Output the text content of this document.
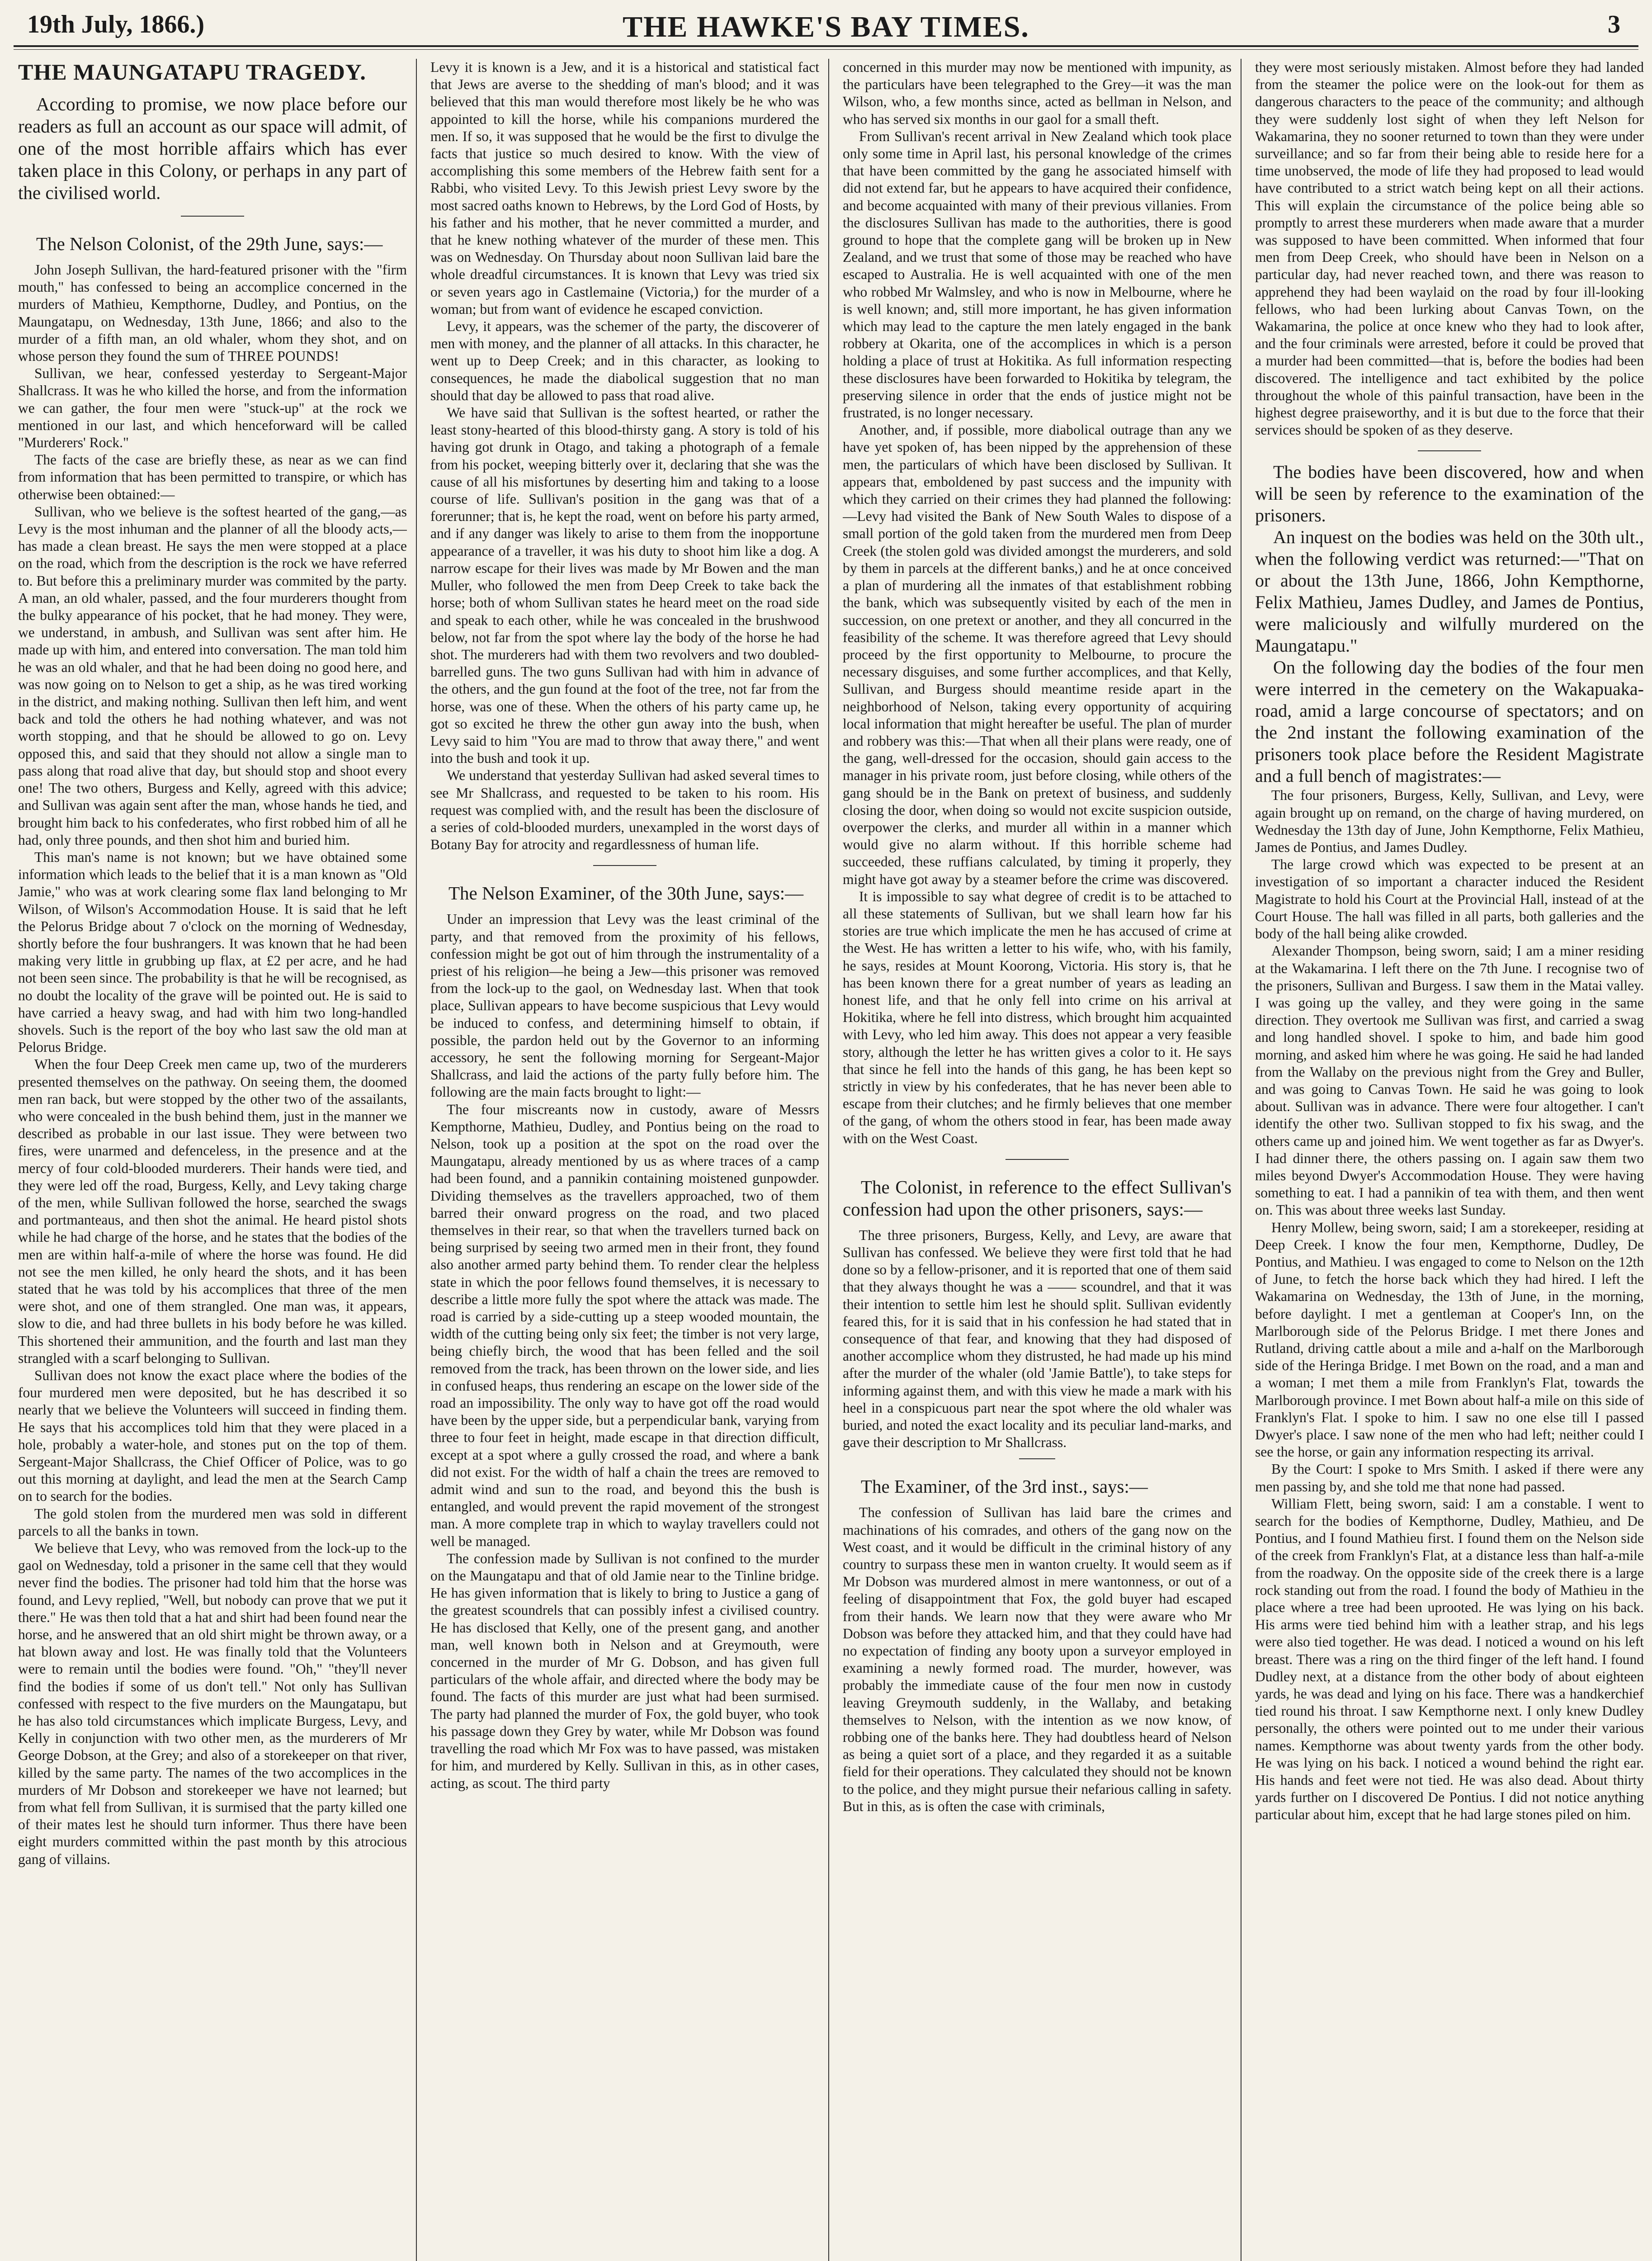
19th July, 1866.)	THE HAWKE'S BAY TIMES.	3
THE MAUNGATAPU TRAGEDY.

According to promise, we now place before our readers as full an account as our space will admit, of one of the most horrible affairs which has ever taken place in this Colony, or perhaps in any part of the civilised world.

The Nelson Colonist, of the 29th June, says:—

John Joseph Sullivan, the hard-featured prisoner with the "firm mouth," has confessed to being an accomplice concerned in the murders of Mathieu, Kempthorne, Dudley, and Pontius, on the Maungatapu, on Wednesday, 13th June, 1866; and also to the murder of a fifth man, an old whaler, whom they shot, and on whose person they found the sum of THREE POUNDS!

Sullivan, we hear, confessed yesterday to Sergeant-Major Shallcrass. It was he who killed the horse, and from the information we can gather, the four men were "stuck-up" at the rock we mentioned in our last, and which henceforward will be called "Murderers' Rock."

The facts of the case are briefly these, as near as we can find from information that has been permitted to transpire, or which has otherwise been obtained:—

Sullivan, who we believe is the softest hearted of the gang,—as Levy is the most inhuman and the planner of all the bloody acts,—has made a clean breast. He says the men were stopped at a place on the road, which from the description is the rock we have referred to. But before this a preliminary murder was commited by the party. A man, an old whaler, passed, and the four murderers thought from the bulky appearance of his pocket, that he had money. They were, we understand, in ambush, and Sullivan was sent after him. He made up with him, and entered into conversation. The man told him he was an old whaler, and that he had been doing no good here, and was now going on to Nelson to get a ship, as he was tired working in the district, and making nothing. Sullivan then left him, and went back and told the others he had nothing whatever, and was not worth stopping, and that he should be allowed to go on. Levy opposed this, and said that they should not allow a single man to pass along that road alive that day, but should stop and shoot every one! The two others, Burgess and Kelly, agreed with this advice; and Sullivan was again sent after the man, whose hands he tied, and brought him back to his confederates, who first robbed him of all he had, only three pounds, and then shot him and buried him.

This man's name is not known; but we have obtained some information which leads to the belief that it is a man known as "Old Jamie," who was at work clearing some flax land belonging to Mr Wilson, of Wilson's Accommodation House. It is said that he left the Pelorus Bridge about 7 o'clock on the morning of Wednesday, shortly before the four bushrangers. It was known that he had been making very little in grubbing up flax, at £2 per acre, and he had not been seen since. The probability is that he will be recognised, as no doubt the locality of the grave will be pointed out. He is said to have carried a heavy swag, and had with him two long-handled shovels. Such is the report of the boy who last saw the old man at Pelorus Bridge.

When the four Deep Creek men came up, two of the murderers presented themselves on the pathway. On seeing them, the doomed men ran back, but were stopped by the other two of the assailants, who were concealed in the bush behind them, just in the manner we described as probable in our last issue. They were between two fires, were unarmed and defenceless, in the presence and at the mercy of four cold-blooded murderers. Their hands were tied, and they were led off the road, Burgess, Kelly, and Levy taking charge of the men, while Sullivan followed the horse, searched the swags and portmanteaus, and then shot the animal. He heard pistol shots while he had charge of the horse, and he states that the bodies of the men are within half-a-mile of where the horse was found. He did not see the men killed, he only heard the shots, and it has been stated that he was told by his accomplices that three of the men were shot, and one of them strangled. One man was, it appears, slow to die, and had three bullets in his body before he was killed. This shortened their ammunition, and the fourth and last man they strangled with a scarf belonging to Sullivan.

Sullivan does not know the exact place where the bodies of the four murdered men were deposited, but he has described it so nearly that we believe the Volunteers will succeed in finding them. He says that his accomplices told him that they were placed in a hole, probably a water-hole, and stones put on the top of them. Sergeant-Major Shallcrass, the Chief Officer of Police, was to go out this morning at daylight, and lead the men at the Search Camp on to search for the bodies.

The gold stolen from the murdered men was sold in different parcels to all the banks in town.

We believe that Levy, who was removed from the lock-up to the gaol on Wednesday, told a prisoner in the same cell that they would never find the bodies. The prisoner had told him that the horse was found, and Levy replied, "Well, but nobody can prove that we put it there." He was then told that a hat and shirt had been found near the horse, and he answered that an old shirt might be thrown away, or a hat blown away and lost. He was finally told that the Volunteers were to remain until the bodies were found. "Oh," "they'll never find the bodies if some of us don't tell." Not only has Sullivan confessed with respect to the five murders on the Maungatapu, but he has also told circumstances which implicate Burgess, Levy, and Kelly in conjunction with two other men, as the murderers of Mr George Dobson, at the Grey; and also of a storekeeper on that river, killed by the same party. The names of the two accomplices in the murders of Mr Dobson and storekeeper we have not learned; but from what fell from Sullivan, it is surmised that the party killed one of their mates lest he should turn informer. Thus there have been eight murders committed within the past month by this atrocious gang of villains.

Levy it is known is a Jew, and it is a historical and statistical fact that Jews are averse to the shedding of man's blood; and it was believed that this man would therefore most likely be he who was appointed to kill the horse, while his companions murdered the men. If so, it was supposed that he would be the first to divulge the facts that justice so much desired to know. With the view of accomplishing this some members of the Hebrew faith sent for a Rabbi, who visited Levy. To this Jewish priest Levy swore by the most sacred oaths known to Hebrews, by the Lord God of Hosts, by his father and his mother, that he never committed a murder, and that he knew nothing whatever of the murder of these men. This was on Wednesday. On Thursday about noon Sullivan laid bare the whole dreadful circumstances. It is known that Levy was tried six or seven years ago in Castlemaine (Victoria,) for the murder of a woman; but from want of evidence he escaped conviction.

Levy, it appears, was the schemer of the party, the discoverer of men with money, and the planner of all attacks. In this character, he went up to Deep Creek; and in this character, as looking to consequences, he made the diabolical suggestion that no man should that day be allowed to pass that road alive.

We have said that Sullivan is the softest hearted, or rather the least stony-hearted of this blood-thirsty gang. A story is told of his having got drunk in Otago, and taking a photograph of a female from his pocket, weeping bitterly over it, declaring that she was the cause of all his misfortunes by deserting him and taking to a loose course of life. Sullivan's position in the gang was that of a forerunner; that is, he kept the road, went on before his party armed, and if any danger was likely to arise to them from the inopportune appearance of a traveller, it was his duty to shoot him like a dog. A narrow escape for their lives was made by Mr Bowen and the man Muller, who followed the men from Deep Creek to take back the horse; both of whom Sullivan states he heard meet on the road side and speak to each other, while he was concealed in the brushwood below, not far from the spot where lay the body of the horse he had shot. The murderers had with them two revolvers and two doubled-barrelled guns. The two guns Sullivan had with him in advance of the others, and the gun found at the foot of the tree, not far from the horse, was one of these. When the others of his party came up, he got so excited he threw the other gun away into the bush, when Levy said to him "You are mad to throw that away there," and went into the bush and took it up.

We understand that yesterday Sullivan had asked several times to see Mr Shallcrass, and requested to be taken to his room. His request was complied with, and the result has been the disclosure of a series of cold-blooded murders, unexampled in the worst days of Botany Bay for atrocity and regardlessness of human life.

The Nelson Examiner, of the 30th June, says:—

Under an impression that Levy was the least criminal of the party, and that removed from the proximity of his fellows, confession might be got out of him through the instrumentality of a priest of his religion—he being a Jew—this prisoner was removed from the lock-up to the gaol, on Wednesday last. When that took place, Sullivan appears to have become suspicious that Levy would be induced to confess, and determining himself to obtain, if possible, the pardon held out by the Governor to an informing accessory, he sent the following morning for Sergeant-Major Shallcrass, and laid the actions of the party fully before him. The following are the main facts brought to light:—

The four miscreants now in custody, aware of Messrs Kempthorne, Mathieu, Dudley, and Pontius being on the road to Nelson, took up a position at the spot on the road over the Maungatapu, already mentioned by us as where traces of a camp had been found, and a pannikin containing moistened gunpowder. Dividing themselves as the travellers approached, two of them barred their onward progress on the road, and two placed themselves in their rear, so that when the travellers turned back on being surprised by seeing two armed men in their front, they found also another armed party behind them. To render clear the helpless state in which the poor fellows found themselves, it is necessary to describe a little more fully the spot where the attack was made. The road is carried by a side-cutting up a steep wooded mountain, the width of the cutting being only six feet; the timber is not very large, being chiefly birch, the wood that has been felled and the soil removed from the track, has been thrown on the lower side, and lies in confused heaps, thus rendering an escape on the lower side of the road an impossibility. The only way to have got off the road would have been by the upper side, but a perpendicular bank, varying from three to four feet in height, made escape in that direction difficult, except at a spot where a gully crossed the road, and where a bank did not exist. For the width of half a chain the trees are removed to admit wind and sun to the road, and beyond this the bush is entangled, and would prevent the rapid movement of the strongest man. A more complete trap in which to waylay travellers could not well be managed.

The confession made by Sullivan is not confined to the murder on the Maungatapu and that of old Jamie near to the Tinline bridge. He has given information that is likely to bring to Justice a gang of the greatest scoundrels that can possibly infest a civilised country. He has disclosed that Kelly, one of the present gang, and another man, well known both in Nelson and at Greymouth, were concerned in the murder of Mr G. Dobson, and has given full particulars of the whole affair, and directed where the body may be found. The facts of this murder are just what had been surmised. The party had planned the murder of Fox, the gold buyer, who took his passage down they Grey by water, while Mr Dobson was found travelling the road which Mr Fox was to have passed, was mistaken for him, and murdered by Kelly. Sullivan in this, as in other cases, acting, as scout. The third party

concerned in this murder may now be mentioned with impunity, as the particulars have been telegraphed to the Grey—it was the man Wilson, who, a few months since, acted as bellman in Nelson, and who has served six months in our gaol for a small theft.

From Sullivan's recent arrival in New Zealand which took place only some time in April last, his personal knowledge of the crimes that have been committed by the gang he associated himself with did not extend far, but he appears to have acquired their confidence, and become acquainted with many of their previous villanies. From the disclosures Sullivan has made to the authorities, there is good ground to hope that the complete gang will be broken up in New Zealand, and we trust that some of those may be reached who have escaped to Australia. He is well acquainted with one of the men who robbed Mr Walmsley, and who is now in Melbourne, where he is well known; and, still more important, he has given information which may lead to the capture the men lately engaged in the bank robbery at Okarita, one of the accomplices in which is a person holding a place of trust at Hokitika. As full information respecting these disclosures have been forwarded to Hokitika by telegram, the preserving silence in order that the ends of justice might not be frustrated, is no longer necessary.

Another, and, if possible, more diabolical outrage than any we have yet spoken of, has been nipped by the apprehension of these men, the particulars of which have been disclosed by Sullivan. It appears that, emboldened by past success and the impunity with which they carried on their crimes they had planned the following:—Levy had visited the Bank of New South Wales to dispose of a small portion of the gold taken from the murdered men from Deep Creek (the stolen gold was divided amongst the murderers, and sold by them in parcels at the different banks,) and he at once conceived a plan of murdering all the inmates of that establishment robbing the bank, which was subsequently visited by each of the men in succession, on one pretext or another, and they all concurred in the feasibility of the scheme. It was therefore agreed that Levy should proceed by the first opportunity to Melbourne, to procure the necessary disguises, and some further accomplices, and that Kelly, Sullivan, and Burgess should meantime reside apart in the neighborhood of Nelson, taking every opportunity of acquiring local information that might hereafter be useful. The plan of murder and robbery was this:—That when all their plans were ready, one of the gang, well-dressed for the occasion, should gain access to the manager in his private room, just before closing, while others of the gang should be in the Bank on pretext of business, and suddenly closing the door, when doing so would not excite suspicion outside, overpower the clerks, and murder all within in a manner which would give no alarm without. If this horrible scheme had succeeded, these ruffians calculated, by timing it properly, they might have got away by a steamer before the crime was discovered.

It is impossible to say what degree of credit is to be attached to all these statements of Sullivan, but we shall learn how far his stories are true which implicate the men he has accused of crime at the West. He has written a letter to his wife, who, with his family, he says, resides at Mount Koorong, Victoria. His story is, that he has been known there for a great number of years as leading an honest life, and that he only fell into crime on his arrival at Hokitika, where he fell into distress, which brought him acquainted with Levy, who led him away. This does not appear a very feasible story, although the letter he has written gives a color to it. He says that since he fell into the hands of this gang, he has been kept so strictly in view by his confederates, that he has never been able to escape from their clutches; and he firmly believes that one member of the gang, of whom the others stood in fear, has been made away with on the West Coast.

The Colonist, in reference to the effect Sullivan's confession had upon the other prisoners, says:—

The three prisoners, Burgess, Kelly, and Levy, are aware that Sullivan has confessed. We believe they were first told that he had done so by a fellow-prisoner, and it is reported that one of them said that they always thought he was a —— scoundrel, and that it was their intention to settle him lest he should split. Sullivan evidently feared this, for it is said that in his confession he had stated that in consequence of that fear, and knowing that they had disposed of another accomplice whom they distrusted, he had made up his mind after the murder of the whaler (old 'Jamie Battle'), to take steps for informing against them, and with this view he made a mark with his heel in a conspicuous part near the spot where the old whaler was buried, and noted the exact locality and its peculiar land-marks, and gave their description to Mr Shallcrass.

The Examiner, of the 3rd inst., says:—

The confession of Sullivan has laid bare the crimes and machinations of his comrades, and others of the gang now on the West coast, and it would be difficult in the criminal history of any country to surpass these men in wanton cruelty. It would seem as if Mr Dobson was murdered almost in mere wantonness, or out of a feeling of disappointment that Fox, the gold buyer had escaped from their hands. We learn now that they were aware who Mr Dobson was before they attacked him, and that they could have had no expectation of finding any booty upon a surveyor employed in examining a newly formed road. The murder, however, was probably the immediate cause of the four men now in custody leaving Greymouth suddenly, in the Wallaby, and betaking themselves to Nelson, with the intention as we now know, of robbing one of the banks here. They had doubtless heard of Nelson as being a quiet sort of a place, and they regarded it as a suitable field for their operations. They calculated they should not be known to the police, and they might pursue their nefarious calling in safety. But in this, as is often the case with criminals,

they were most seriously mistaken. Almost before they had landed from the steamer the police were on the look-out for them as dangerous characters to the peace of the community; and although they were suddenly lost sight of when they left Nelson for Wakamarina, they no sooner returned to town than they were under surveillance; and so far from their being able to reside here for a time unobserved, the mode of life they had proposed to lead would have contributed to a strict watch being kept on all their actions. This will explain the circumstance of the police being able so promptly to arrest these murderers when made aware that a murder was supposed to have been committed. When informed that four men from Deep Creek, who should have been in Nelson on a particular day, had never reached town, and there was reason to apprehend they had been waylaid on the road by four ill-looking fellows, who had been lurking about Canvas Town, on the Wakamarina, the police at once knew who they had to look after, and the four criminals were arrested, before it could be proved that a murder had been committed—that is, before the bodies had been discovered. The intelligence and tact exhibited by the police throughout the whole of this painful transaction, have been in the highest degree praiseworthy, and it is but due to the force that their services should be spoken of as they deserve.

The bodies have been discovered, how and when will be seen by reference to the examination of the prisoners.

An inquest on the bodies was held on the 30th ult., when the following verdict was returned:—"That on or about the 13th June, 1866, John Kempthorne, Felix Mathieu, James Dudley, and James de Pontius, were maliciously and wilfully murdered on the Maungatapu."

On the following day the bodies of the four men were interred in the cemetery on the Wakapuaka-road, amid a large concourse of spectators; and on the 2nd instant the following examination of the prisoners took place before the Resident Magistrate and a full bench of magistrates:—

The four prisoners, Burgess, Kelly, Sullivan, and Levy, were again brought up on remand, on the charge of having murdered, on Wednesday the 13th day of June, John Kempthorne, Felix Mathieu, James de Pontius, and James Dudley.

The large crowd which was expected to be present at an investigation of so important a character induced the Resident Magistrate to hold his Court at the Provincial Hall, instead of at the Court House. The hall was filled in all parts, both galleries and the body of the hall being alike crowded.

Alexander Thompson, being sworn, said; I am a miner residing at the Wakamarina. I left there on the 7th June. I recognise two of the prisoners, Sullivan and Burgess. I saw them in the Matai valley. I was going up the valley, and they were going in the same direction. They overtook me Sullivan was first, and carried a swag and long handled shovel. I spoke to him, and bade him good morning, and asked him where he was going. He said he had landed from the Wallaby on the previous night from the Grey and Buller, and was going to Canvas Town. He said he was going to look about. Sullivan was in advance. There were four altogether. I can't identify the other two. Sullivan stopped to fix his swag, and the others came up and joined him. We went together as far as Dwyer's. I had dinner there, the others passing on. I again saw them two miles beyond Dwyer's Accommodation House. They were having something to eat. I had a pannikin of tea with them, and then went on. This was about three weeks last Sunday.

Henry Mollew, being sworn, said; I am a storekeeper, residing at Deep Creek. I know the four men, Kempthorne, Dudley, De Pontius, and Mathieu. I was engaged to come to Nelson on the 12th of June, to fetch the horse back which they had hired. I left the Wakamarina on Wednesday, the 13th of June, in the morning, before daylight. I met a gentleman at Cooper's Inn, on the Marlborough side of the Pelorus Bridge. I met there Jones and Rutland, driving cattle about a mile and a-half on the Marlborough side of the Heringa Bridge. I met Bown on the road, and a man and a woman; I met them a mile from Franklyn's Flat, towards the Marlborough province. I met Bown about half-a mile on this side of Franklyn's Flat. I spoke to him. I saw no one else till I passed Dwyer's place. I saw none of the men who had left; neither could I see the horse, or gain any information respecting its arrival.

By the Court: I spoke to Mrs Smith. I asked if there were any men passing by, and she told me that none had passed.

William Flett, being sworn, said: I am a constable. I went to search for the bodies of Kempthorne, Dudley, Mathieu, and De Pontius, and I found Mathieu first. I found them on the Nelson side of the creek from Franklyn's Flat, at a distance less than half-a-mile from the roadway. On the opposite side of the creek there is a large rock standing out from the road. I found the body of Mathieu in the place where a tree had been uprooted. He was lying on his back. His arms were tied behind him with a leather strap, and his legs were also tied together. He was dead. I noticed a wound on his left breast. There was a ring on the third finger of the left hand. I found Dudley next, at a distance from the other body of about eighteen yards, he was dead and lying on his face. There was a handkerchief tied round his throat. I saw Kempthorne next. I only knew Dudley personally, the others were pointed out to me under their various names. Kempthorne was about twenty yards from the other body. He was lying on his back. I noticed a wound behind the right ear. His hands and feet were not tied. He was also dead. About thirty yards further on I discovered De Pontius. I did not notice anything particular about him, except that he had large stones piled on him.
